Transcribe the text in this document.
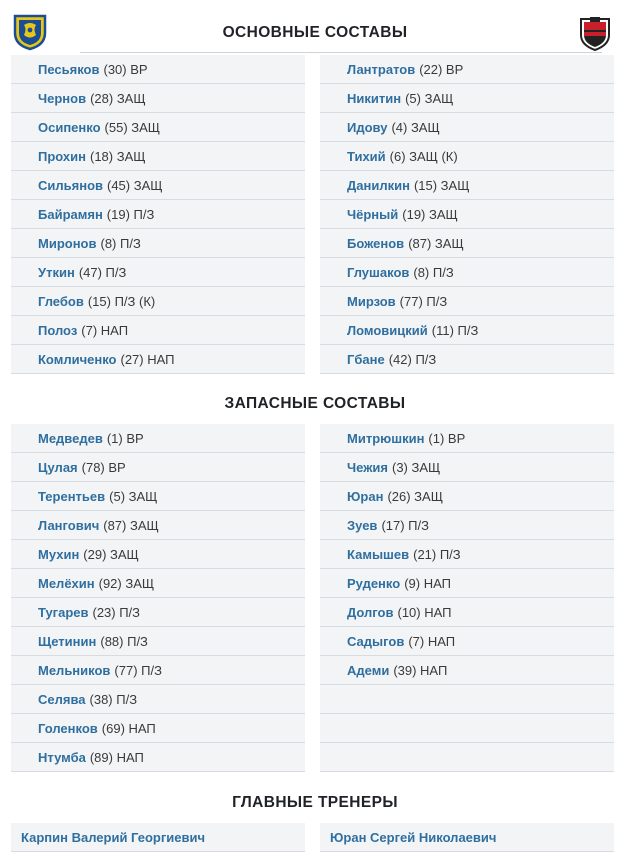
ОСНОВНЫЕ СОСТАВЫ
Песьяков (30) ВР
Чернов (28) ЗАЩ
Осипенко (55) ЗАЩ
Прохин (18) ЗАЩ
Сильянов (45) ЗАЩ
Байрамян (19) П/З
Миронов (8) П/З
Уткин (47) П/З
Глебов (15) П/З (К)
Полоз (7) НАП
Комличенко (27) НАП
Лантратов (22) ВР
Никитин (5) ЗАЩ
Идову (4) ЗАЩ
Тихий (6) ЗАЩ (К)
Данилкин (15) ЗАЩ
Чёрный (19) ЗАЩ
Боженов (87) ЗАЩ
Глушаков (8) П/З
Мирзов (77) П/З
Ломовицкий (11) П/З
Гбане (42) П/З
ЗАПАСНЫЕ СОСТАВЫ
Медведев (1) ВР
Цулая (78) ВР
Терентьев (5) ЗАЩ
Лангович (87) ЗАЩ
Мухин (29) ЗАЩ
Мелёхин (92) ЗАЩ
Тугарев (23) П/З
Щетинин (88) П/З
Мельников (77) П/З
Селява (38) П/З
Голенков (69) НАП
Нтумба (89) НАП
Митрюшкин (1) ВР
Чежия (3) ЗАЩ
Юран (26) ЗАЩ
Зуев (17) П/З
Камышев (21) П/З
Руденко (9) НАП
Долгов (10) НАП
Садыгов (7) НАП
Адеми (39) НАП
ГЛАВНЫЕ ТРЕНЕРЫ
Карпин Валерий Георгиевич	Юран Сергей Николаевич
